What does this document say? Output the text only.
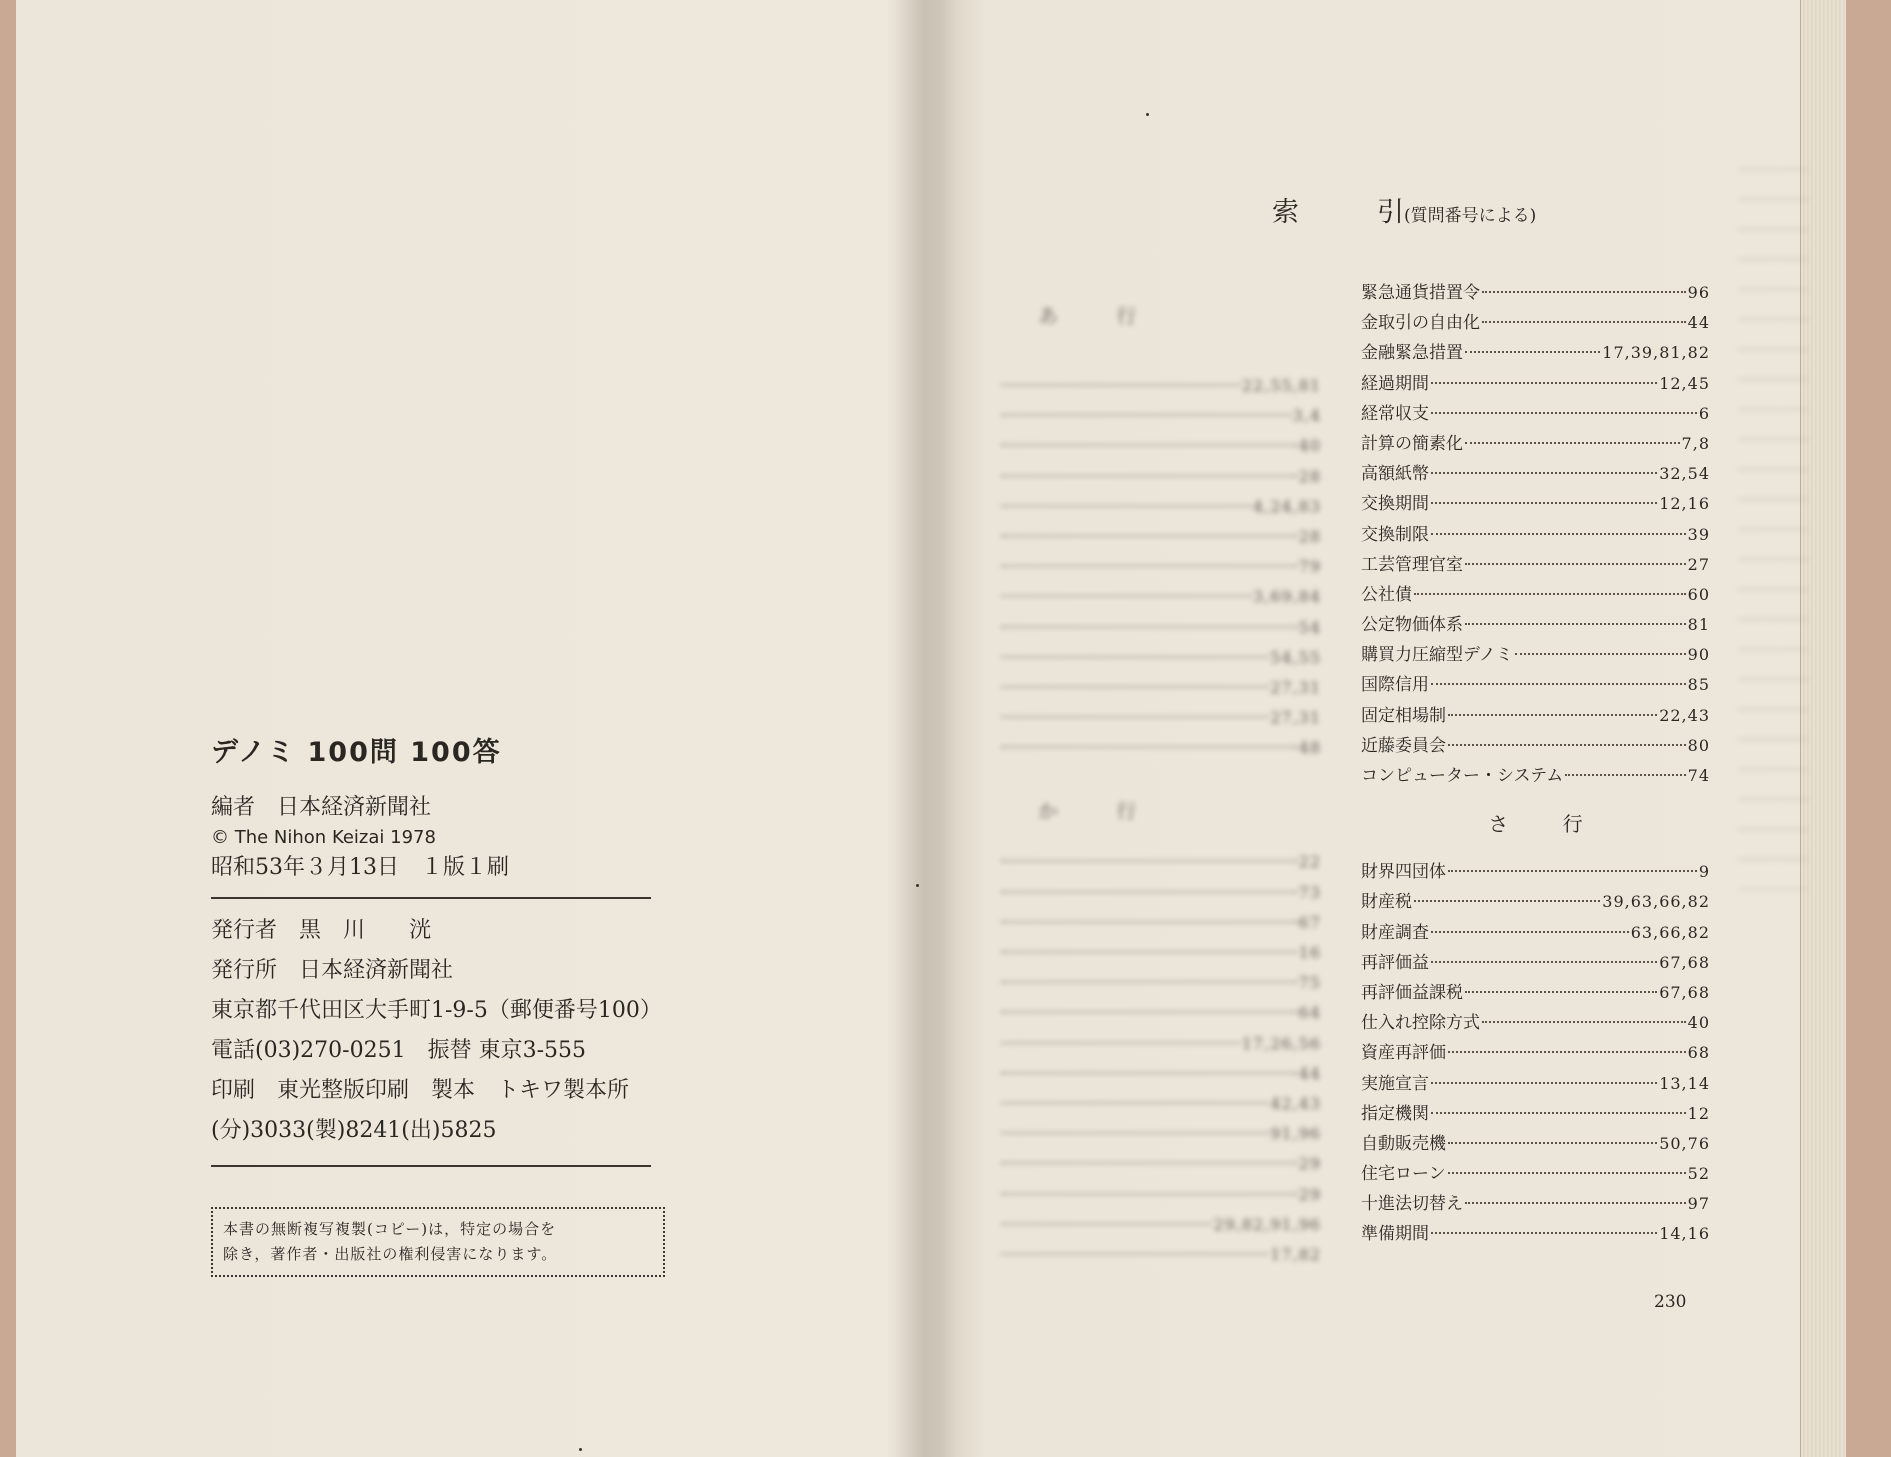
デノミ 100問 100答

編者　日本経済新聞社

© The Nihon Keizai 1978

昭和53年３月13日　１版１刷

発行者　黒　川　　洸

発行所　日本経済新聞社

東京都千代田区大手町1-9-5（郵便番号100）

電話(03)270-0251　振替 東京3-555

印刷　東光整版印刷　製本　トキワ製本所

(分)3033(製)8241(出)5825

本書の無断複写複製(コピー)は，特定の場合を
除き，著作者・出版社の権利侵害になります。
索	引(質問番号による)
あ 行
か 行
22,55,81
3,4
40
28
4,24,83
28
79
3,69,84
54
54,55
27,31
27,31
48
22
73
67
16
75
64
17,26,56
44
42,43
91,96
29
29
29,82,91,96
17,82
緊急通貨措置令	96
金取引の自由化	44
金融緊急措置	17,39,81,82
経過期間	12,45
経常収支	6
計算の簡素化	7,8
高額紙幣	32,54
交換期間	12,16
交換制限	39
工芸管理官室	27
公社債	60
公定物価体系	81
購買力圧縮型デノミ	90
国際信用	85
固定相場制	22,43
近藤委員会	80
コンピューター・システム	74
さ 行
財界四団体	9
財産税	39,63,66,82
財産調査	63,66,82
再評価益	67,68
再評価益課税	67,68
仕入れ控除方式	40
資産再評価	68
実施宣言	13,14
指定機関	12
自動販売機	50,76
住宅ローン	52
十進法切替え	97
準備期間	14,16
230
